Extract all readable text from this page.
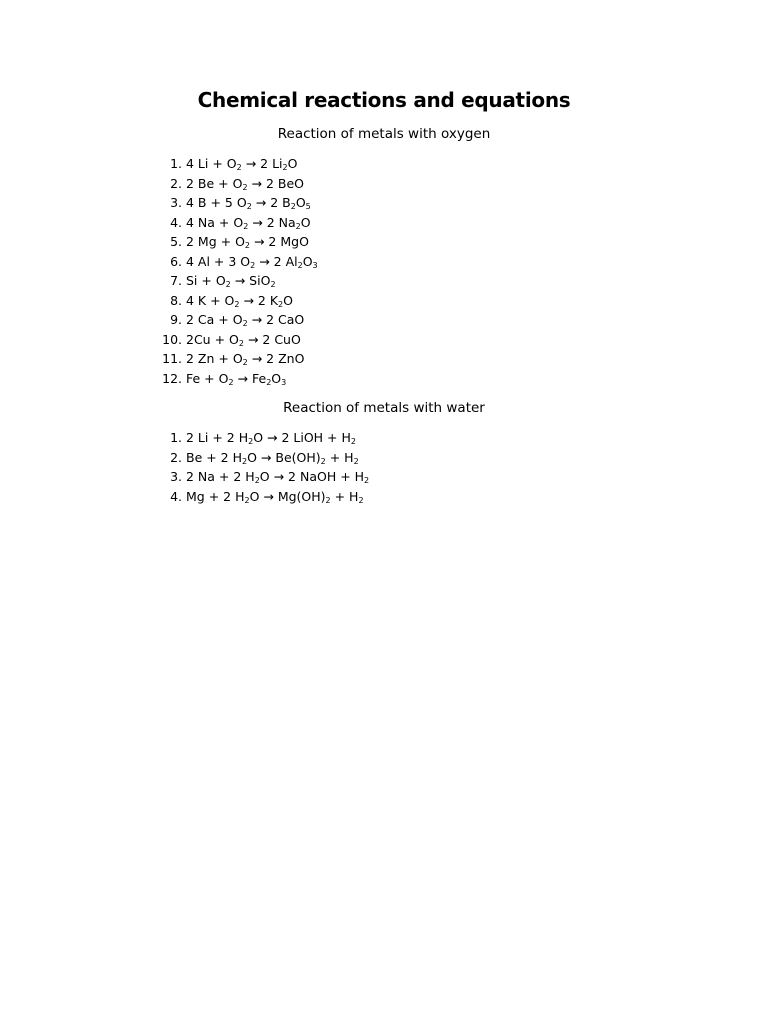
Chemical reactions and equations
Reaction of metals with oxygen
1. 4 $Li + O_2 \to 2$ $Li_2O$
2. 2 $Be + O_2 \to 2$ BeO
3. 4 B + 5 $O_2 \to 2$ $B_2O_5$
4. 4 $Na + O_2 \to 2$ $Na_2O$
5. 2 $Mg + O_2 \to 2$ MgO
6. 4 Al + 3 $O_2 \to 2$ $Al_2O_3$
7. $Si + O_2 \to SiO_2$
8. 4 $K + O_2 \to 2$ $K_2O$
9. 2 $Ca + O_2 \to 2$ CaO
10. $2Cu + O_2 \to 2$ CuO
11. 2 $Zn + O_2 \to 2$ ZnO
12. $Fe + O_2 \to Fe_2O_3$
Reaction of metals with water
1. 2 Li + 2 $H_2O \to 2$ LiOH + $H_2$
2. Be + 2 $H_2O \to Be(OH)_2 + H_2$
3. 2 Na + 2 $H_2O \to 2$ NaOH + $H_2$
4. Mg + 2 $H_2O \to Mg(OH)_2 + H_2$
